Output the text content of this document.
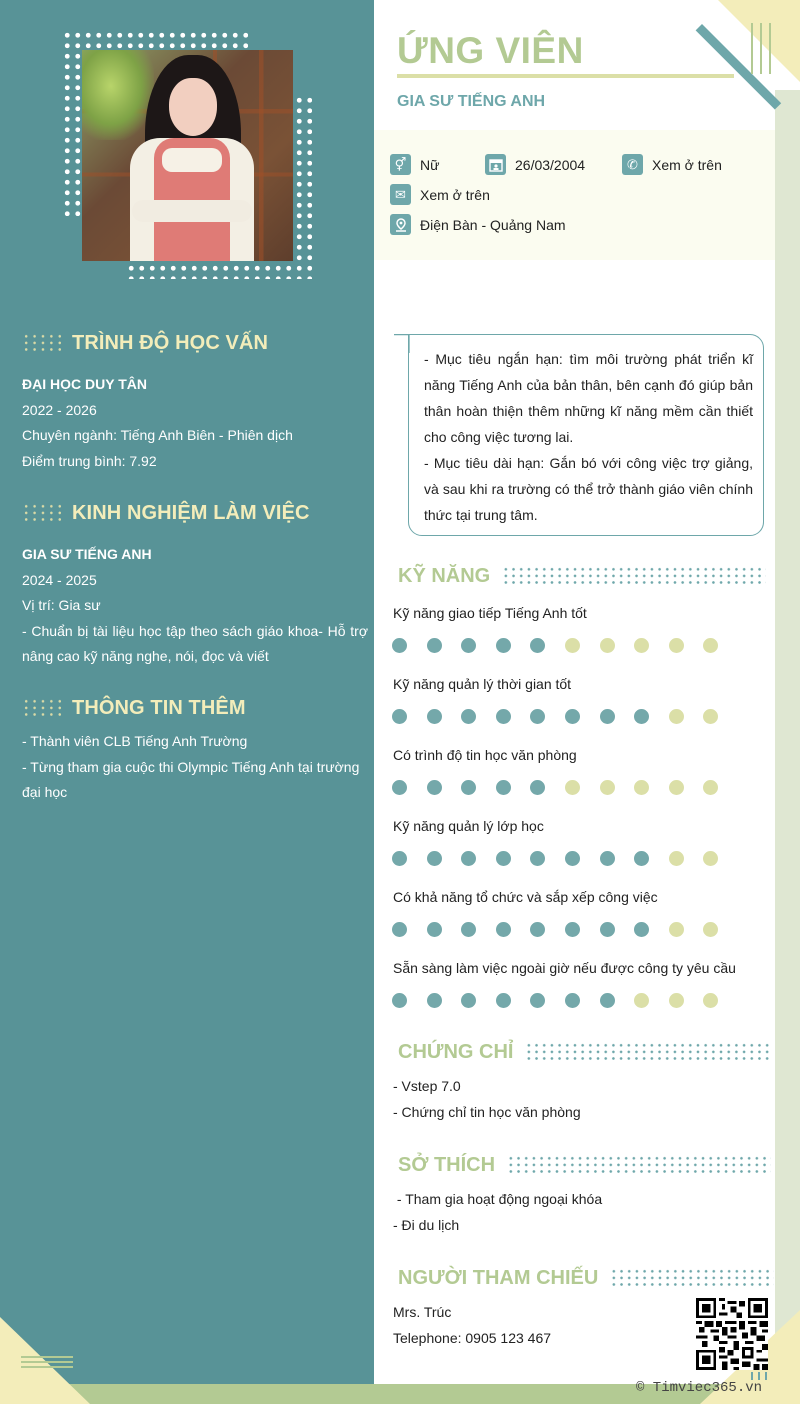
TRÌNH ĐỘ HỌC VẤN
ĐẠI HỌC DUY TÂN
2022 - 2026
Chuyên ngành: Tiếng Anh Biên - Phiên dịch
Điểm trung bình: 7.92
KINH NGHIỆM LÀM VIỆC
GIA SƯ TIẾNG ANH
2024 - 2025
Vị trí: Gia sư
- Chuẩn bị tài liệu học tập theo sách giáo khoa- Hỗ trợ nâng cao kỹ năng nghe, nói, đọc và viết
THÔNG TIN THÊM
- Thành viên CLB Tiếng Anh Trường
- Từng tham gia cuộc thi Olympic Tiếng Anh tại trường đại học
ỨNG VIÊN
GIA SƯ TIẾNG ANH
⚥ Nữ	26/03/2004	✆	Xem ở trên
✉	Xem ở trên
Điện Bàn - Quảng Nam

- Mục tiêu ngắn hạn: tìm môi trường phát triển kĩ năng Tiếng Anh của bản thân, bên cạnh đó giúp bản thân hoàn thiện thêm những kĩ năng mềm cần thiết cho công việc tương lai.

- Mục tiêu dài hạn: Gắn bó với công việc trợ giảng, và sau khi ra trường có thể trở thành giáo viên chính thức tại trung tâm.

KỸ NĂNG
Kỹ năng giao tiếp Tiếng Anh tốt
Kỹ năng quản lý thời gian tốt
Có trình độ tin học văn phòng
Kỹ năng quản lý lớp học
Có khả năng tổ chức và sắp xếp công việc
Sẵn sàng làm việc ngoài giờ nếu được công ty yêu cầu
CHỨNG CHỈ
- Vstep 7.0
- Chứng chỉ tin học văn phòng
SỞ THÍCH
- Tham gia hoạt động ngoại khóa
- Đi du lịch
NGƯỜI THAM CHIẾU
Mrs. Trúc
Telephone: 0905 123 467
© Timviec365.vn
